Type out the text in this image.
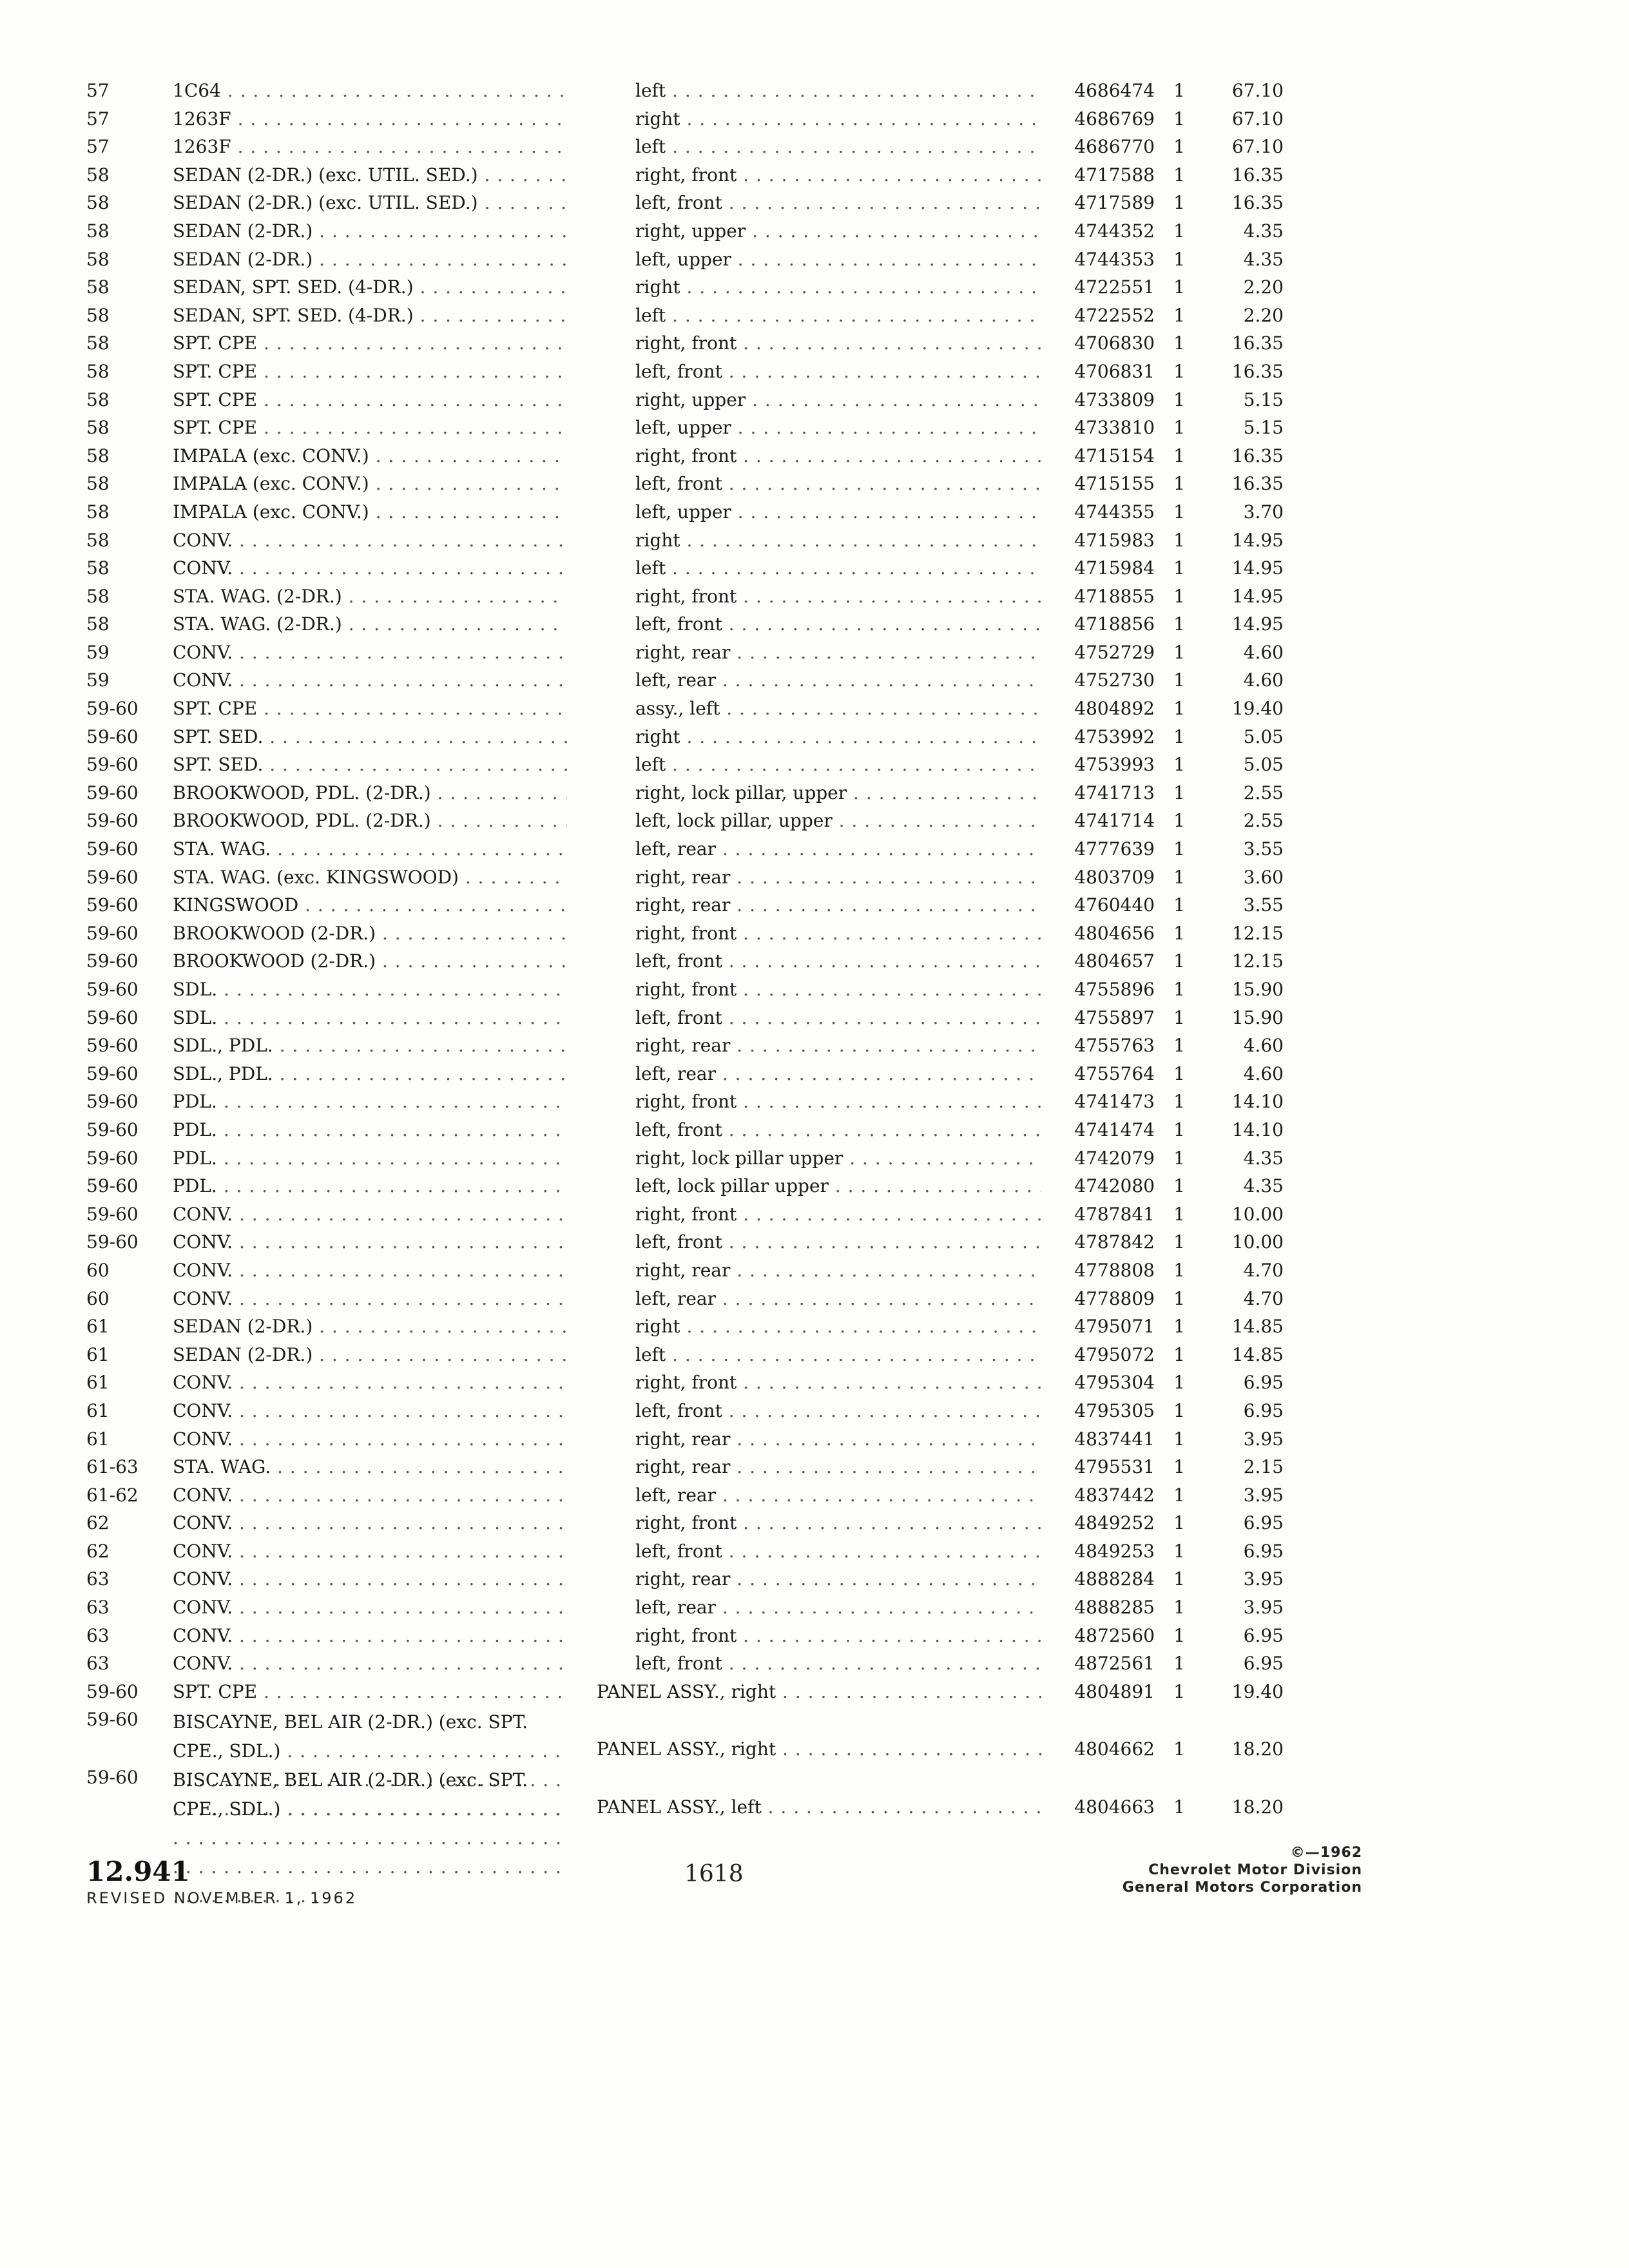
57	1C64 . . .	left . . .	4686474 1	67.10
57	1263F . . .	right . . .	4686769 1	67.10
57	1263F . . .	left . . .	4686770 1	67.10
58	SEDAN (2-DR.) (exc. UTIL. SED.) . . .	right, front . . .	4717588 1	16.35
58	SEDAN (2-DR.) (exc. UTIL. SED.) . . .	left, front . . .	4717589 1	16.35
58	SEDAN (2-DR.) . . .	right, upper . . .	4744352 1	4.35
58	SEDAN (2-DR.) . . .	left, upper . . .	4744353 1	4.35
58	SEDAN, SPT. SED. (4-DR.) . . .	right . . .	4722551 1	2.20
58	SEDAN, SPT. SED. (4-DR.) . . .	left . . .	4722552 1	2.20
58	SPT. CPE . . .	right, front . . .	4706830 1	16.35
58	SPT. CPE . . .	left, front . . .	4706831 1	16.35
58	SPT. CPE . . .	right, upper . . .	4733809 1	5.15
58	SPT. CPE . . .	left, upper . . .	4733810 1	5.15
58	IMPALA (exc. CONV.) . . .	right, front . . .	4715154 1	16.35
58	IMPALA (exc. CONV.) . . .	left, front . . .	4715155 1	16.35
58	IMPALA (exc. CONV.) . . .	left, upper . . .	4744355 1	3.70
58	CONV. . . .	right . . .	4715983 1	14.95
58	CONV. . . .	left . . .	4715984 1	14.95
58	STA. WAG. (2-DR.) . . .	right, front . . .	4718855 1	14.95
58	STA. WAG. (2-DR.) . . .	left, front . . .	4718856 1	14.95
59	CONV. . . .	right, rear . . .	4752729 1	4.60
59	CONV. . . .	left, rear . . .	4752730 1	4.60
59-60	SPT. CPE . . .	assy., left . . .	4804892 1	19.40
59-60	SPT. SED. . . .	right . . .	4753992 1	5.05
59-60	SPT. SED. . . .	left . . .	4753993 1	5.05
59-60	BROOKWOOD, PDL. (2-DR.) . . .	right, lock pillar, upper . . .	4741713 1	2.55
59-60	BROOKWOOD, PDL. (2-DR.) . . .	left, lock pillar, upper . . .	4741714 1	2.55
59-60	STA. WAG. . . .	left, rear . . .	4777639 1	3.55
59-60	STA. WAG. (exc. KINGSWOOD) . . .	right, rear . . .	4803709 1	3.60
59-60	KINGSWOOD . . .	right, rear . . .	4760440 1	3.55
59-60	BROOKWOOD (2-DR.) . . .	right, front . . .	4804656 1	12.15
59-60	BROOKWOOD (2-DR.) . . .	left, front . . .	4804657 1	12.15
59-60	SDL. . . .	right, front . . .	4755896 1	15.90
59-60	SDL. . . .	left, front . . .	4755897 1	15.90
59-60	SDL., PDL. . . .	right, rear . . .	4755763 1	4.60
59-60	SDL., PDL. . . .	left, rear . . .	4755764 1	4.60
59-60	PDL. . . .	right, front . . .	4741473 1	14.10
59-60	PDL. . . .	left, front . . .	4741474 1	14.10
59-60	PDL. . . .	right, lock pillar upper . . .	4742079 1	4.35
59-60	PDL. . . .	left, lock pillar upper . . .	4742080 1	4.35
59-60	CONV. . . .	right, front . . .	4787841 1	10.00
59-60	CONV. . . .	left, front . . .	4787842 1	10.00
60	CONV. . . .	right, rear . . .	4778808 1	4.70
60	CONV. . . .	left, rear . . .	4778809 1	4.70
61	SEDAN (2-DR.) . . .	right . . .	4795071 1	14.85
61	SEDAN (2-DR.) . . .	left . . .	4795072 1	14.85
61	CONV. . . .	right, front . . .	4795304 1	6.95
61	CONV. . . .	left, front . . .	4795305 1	6.95
61	CONV. . . .	right, rear . . .	4837441 1	3.95
61-63	STA. WAG. . . .	right, rear . . .	4795531 1	2.15
61-62	CONV. . . .	left, rear . . .	4837442 1	3.95
62	CONV. . . .	right, front . . .	4849252 1	6.95
62	CONV. . . .	left, front . . .	4849253 1	6.95
63	CONV. . . .	right, rear . . .	4888284 1	3.95
63	CONV. . . .	left, rear . . .	4888285 1	3.95
63	CONV. . . .	right, front . . .	4872560 1	6.95
63	CONV. . . .	left, front . . .	4872561 1	6.95
59-60	SPT. CPE . . .	PANEL ASSY., right . . .	4804891 1	19.40
59-60	BISCAYNE, BEL AIR (2-DR.) (exc. SPT. CPE., SDL.) . . .	PANEL ASSY., right . . .	4804662 1	18.20
59-60	BISCAYNE, BEL AIR (2-DR.) (exc. SPT. CPE., SDL.) . . .	PANEL ASSY., left . . .	4804663 1	18.20
12.941
REVISED NOVEMBER 1, 1962
1618
©—1962
Chevrolet Motor Division
General Motors Corporation
